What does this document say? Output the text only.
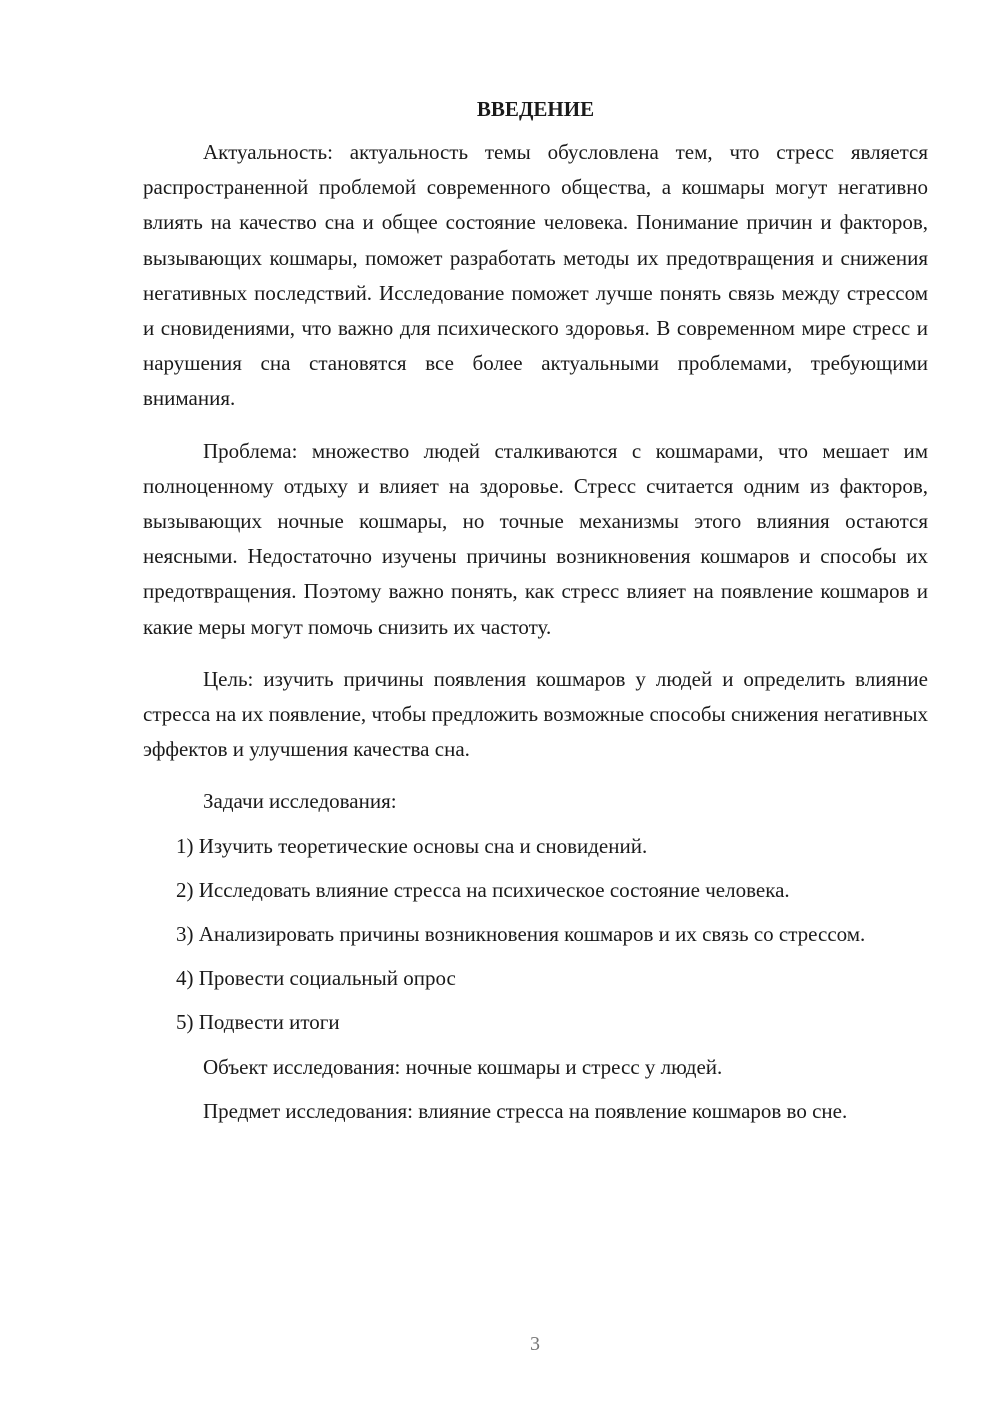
ВВЕДЕНИЕ

Актуальность: актуальность темы обусловлена тем, что стресс является распространенной проблемой современного общества, а кошмары могут негативно влиять на качество сна и общее состояние человека. Понимание причин и факторов, вызывающих кошмары, поможет разработать методы их предотвращения и снижения негативных последствий. Исследование поможет лучше понять связь между стрессом и сновидениями, что важно для психического здоровья. В современном мире стресс и нарушения сна становятся все более актуальными проблемами, требующими внимания.

Проблема: множество людей сталкиваются с кошмарами, что мешает им полноценному отдыху и влияет на здоровье. Стресс считается одним из факторов, вызывающих ночные кошмары, но точные механизмы этого влияния остаются неясными. Недостаточно изучены причины возникновения кошмаров и способы их предотвращения. Поэтому важно понять, как стресс влияет на появление кошмаров и какие меры могут помочь снизить их частоту.

Цель: изучить причины появления кошмаров у людей и определить влияние стресса на их появление, чтобы предложить возможные способы снижения негативных эффектов и улучшения качества сна.

Задачи исследования:

1) Изучить теоретические основы сна и сновидений.

2) Исследовать влияние стресса на психическое состояние человека.

3) Анализировать причины возникновения кошмаров и их связь со стрессом.

4) Провести социальный опрос

5) Подвести итоги

Объект исследования: ночные кошмары и стресс у людей.

Предмет исследования: влияние стресса на появление кошмаров во сне.

3
